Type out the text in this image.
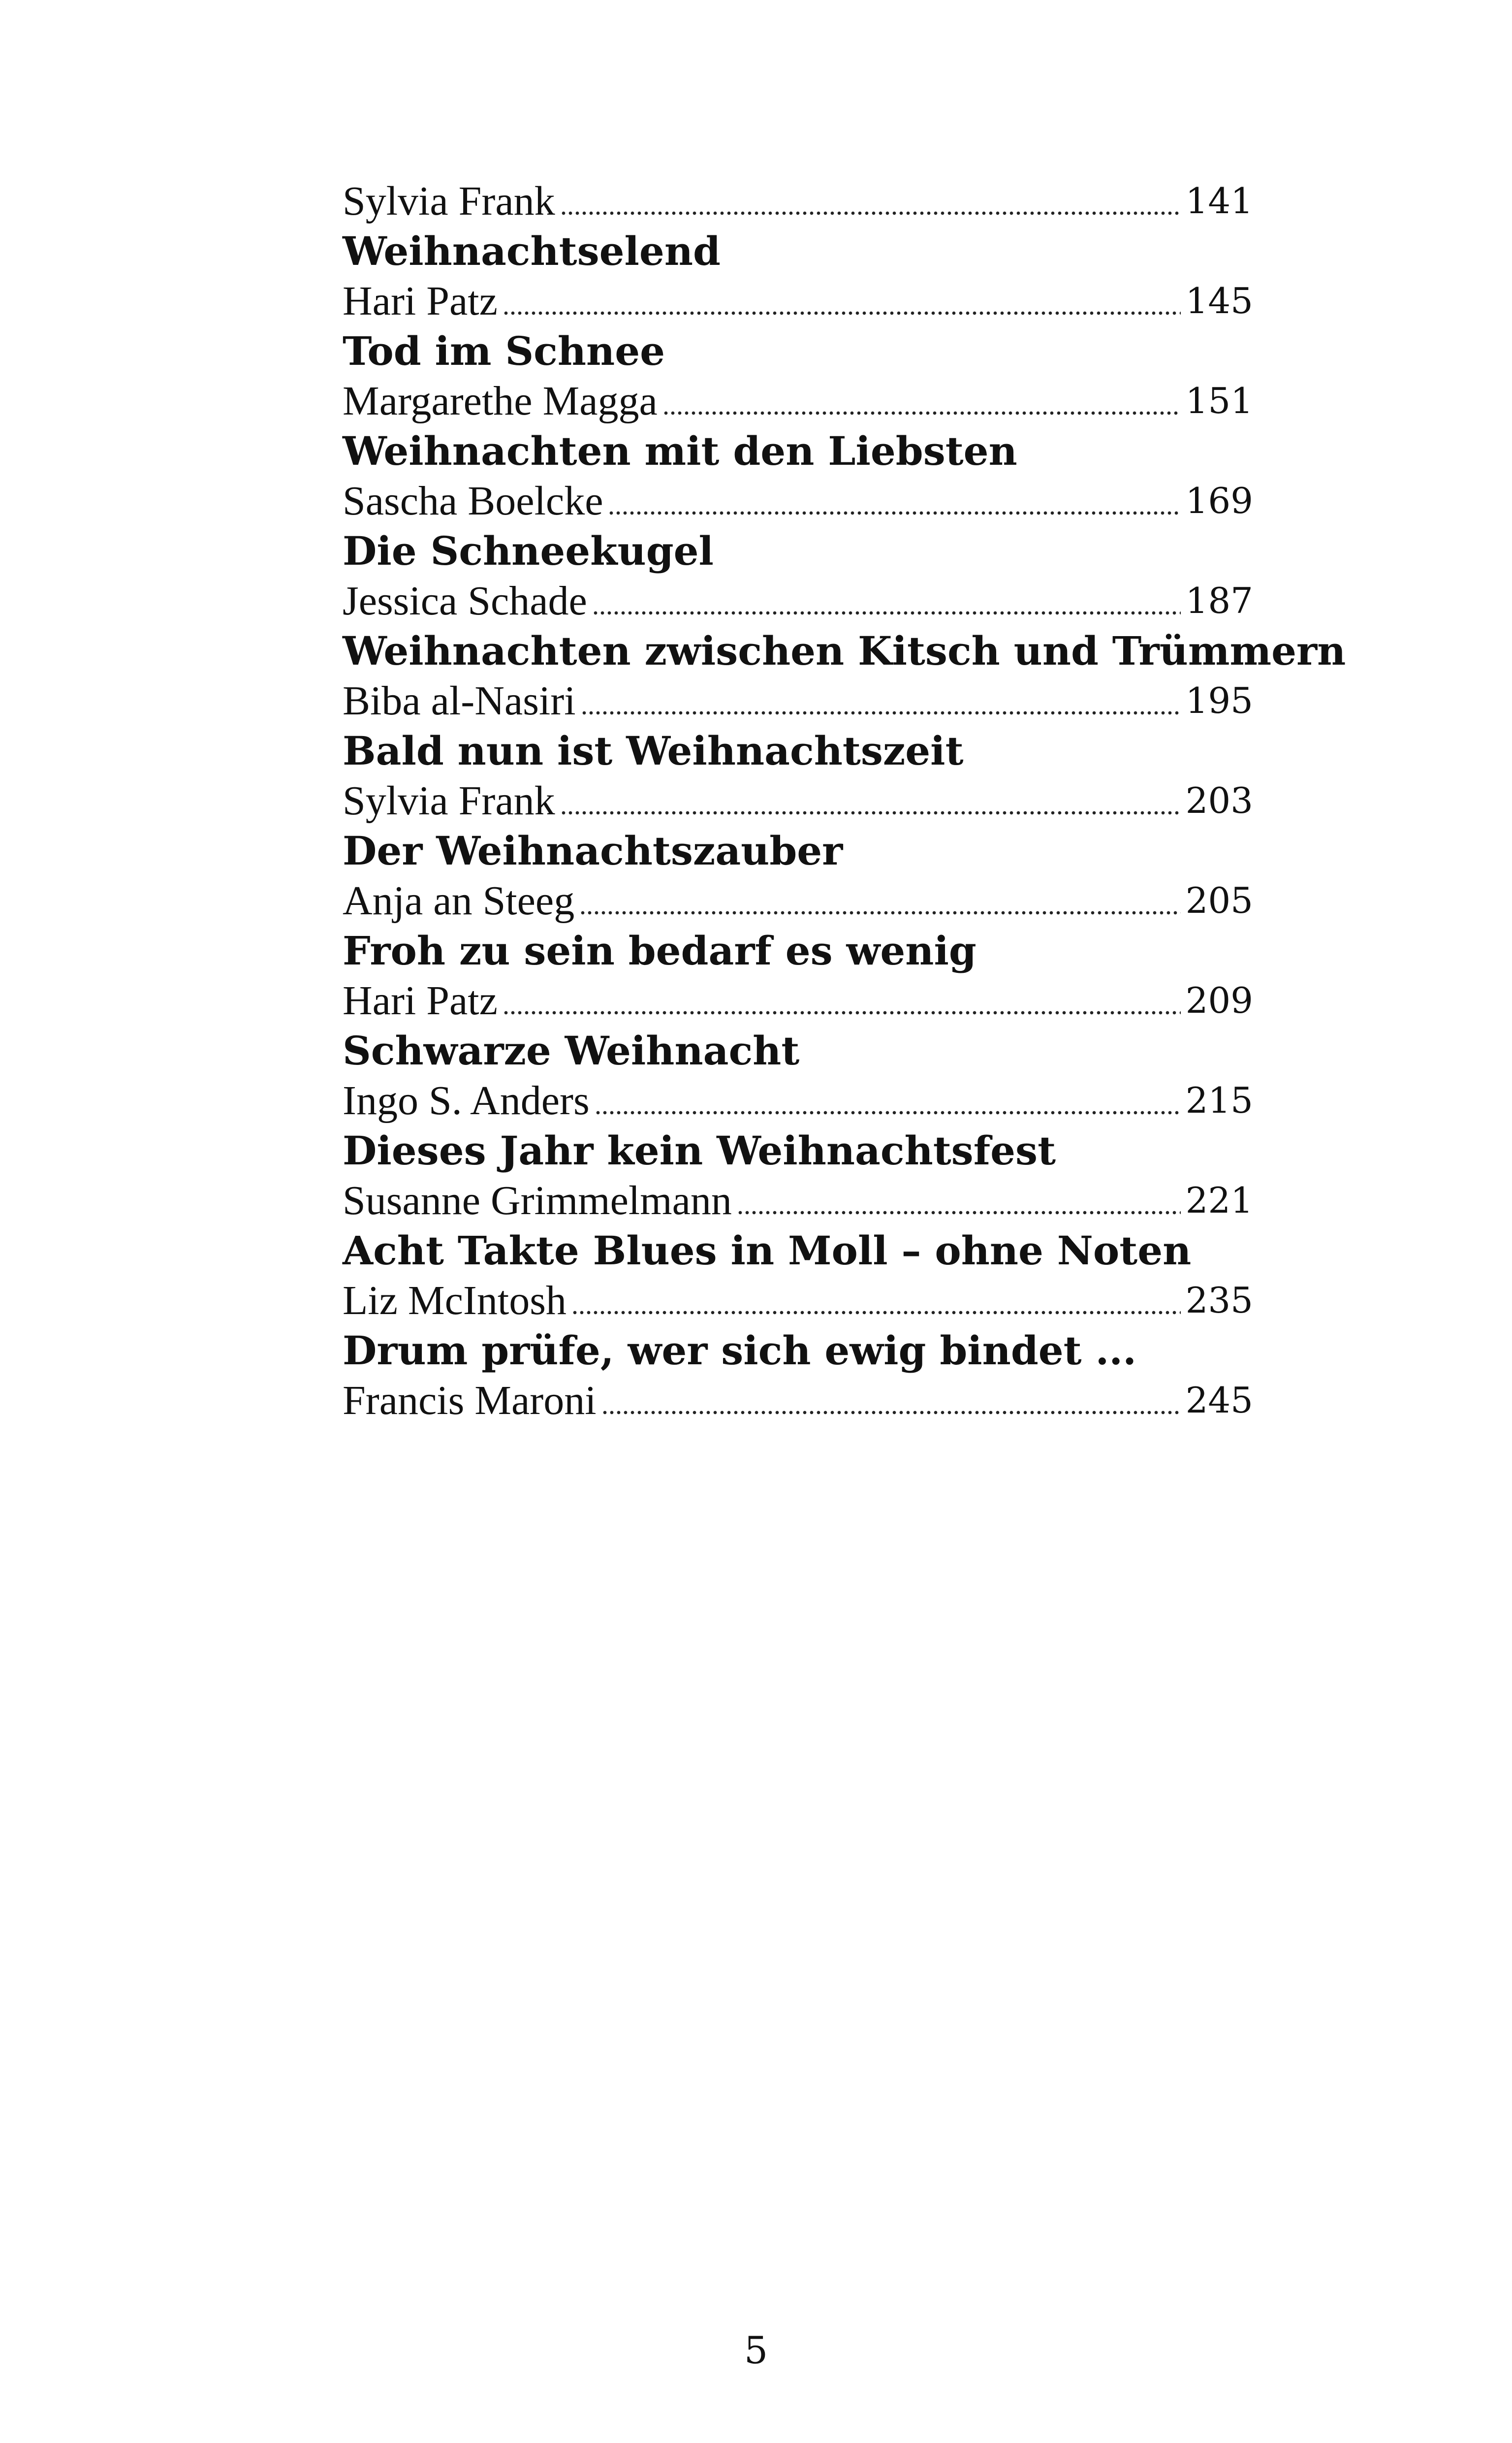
Sylvia Frank	141
Weihnachtselend
Hari Patz	145
Tod im Schnee
Margarethe Magga	151
Weihnachten mit den Liebsten
Sascha Boelcke	169
Die Schneekugel
Jessica Schade	187
Weihnachten zwischen Kitsch und Trümmern
Biba al-Nasiri	195
Bald nun ist Weihnachtszeit
Sylvia Frank	203
Der Weihnachtszauber
Anja an Steeg	205
Froh zu sein bedarf es wenig
Hari Patz	209
Schwarze Weihnacht
Ingo S. Anders	215
Dieses Jahr kein Weihnachtsfest
Susanne Grimmelmann	221
Acht Takte Blues in Moll – ohne Noten
Liz McIntosh	235
Drum prüfe, wer sich ewig bindet ...
Francis Maroni	245
5
